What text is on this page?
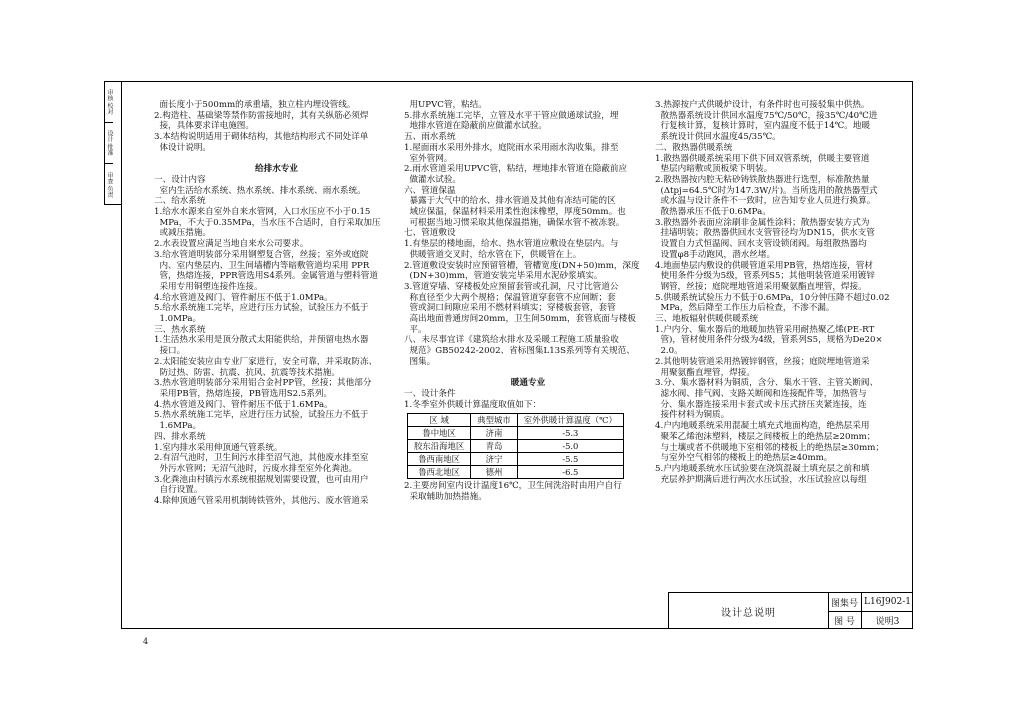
审核 校对
设计 批准
审查 负责

面长度小于500mm的承重墙，独立柱内埋设管线。

2.构造柱、基础梁等禁作防雷接地时，其有关纵筋必须焊

接，具体要求详电施图。

3.本结构说明适用于砌体结构，其他结构形式不同处详单

体设计说明。

给排水专业

一、设计内容

室内生活给水系统、热水系统、排水系统、雨水系统。

二、给水系统

1.给水水源来自室外自来水管网，入口水压应不小于0.15

MPa，不大于0.35MPa，当水压不合适时，自行采取加压

或减压措施。

2.水表设置应满足当地自来水公司要求。

3.给水管道明装部分采用钢塑复合管，丝接；室外或庭院

内、室内垫层内、卫生间墙槽内等暗敷管道均采用 PPR

管，热熔连接，PPR管选用S4系列。金属管道与塑料管道

采用专用铜塑连接件连接。

4.给水管道及阀门、管件耐压不低于1.0MPa。

5.给水系统施工完毕，应进行压力试验，试验压力不低于

1.0MPa。

三、热水系统

1.生活热水采用是顶分散式太阳能供给，并预留电热水器

接口。

2.太阳能安装应由专业厂家进行，安全可靠，并采取防冻、

防过热、防雷、抗震、抗风、抗震等技术措施。

3.热水管道明装部分采用铝合金衬PP管，丝接；其他部分

采用PB管，热熔连接，PB管选用S2.5系列。

4.热水管道及阀门、管件耐压不低于1.6MPa。

5.热水系统施工完毕，应进行压力试验，试验压力不低于

1.6MPa。

四、排水系统

1.室内排水采用伸顶通气管系统。

2.有沼气池时，卫生间污水排至沼气池，其他废水排至室

外污水管网；无沼气池时，污废水排至室外化粪池。

3.化粪池由村镇污水系统根据规划需要设置，也可由用户

自行设置。

4.除伸顶通气管采用机制铸铁管外，其他污、废水管道采

用UPVC管，粘结。

5.排水系统施工完毕，立管及水平干管应做通球试验，埋

地排水管道在隐蔽前应做灌水试验。

五、雨水系统

1.屋面雨水采用外排水，庭院雨水采用雨水沟收集，排至

室外管网。

2.雨水管道采用UPVC管，粘结，埋地排水管道在隐蔽前应

做灌水试验。

六、管道保温

暴露于大气中的给水、排水管道及其他有冻结可能的区

域应保温，保温材料采用柔性泡沫橡塑，厚度50mm。也

可根据当地习惯采取其他保温措施，确保水管不被冻裂。

七、管道敷设

1.有垫层的楼地面，给水、热水管道应敷设在垫层内。与

供暖管道交叉时，给水管在下，供暖管在上。

2.管道敷设安装时应预留管槽，管槽宽度(DN+50)mm，深度

(DN+30)mm，管道安装完毕采用水泥砂浆填实。

3.管道穿墙、穿楼板处应预留套管或孔洞，尺寸比管道公

称直径至少大两个规格；保温管道穿套管不应间断；套

管或洞口间隙应采用不燃材料填实；穿楼板套管，套管

高出地面普通房间20mm，卫生间50mm，套管底面与楼板

平。

八、未尽事宜详《建筑给水排水及采暖工程施工质量验收

规范》GB50242-2002、省标图集L13S系列等有关规范、

图集。

暖通专业

一、设计条件

1.冬季室外供暖计算温度取值如下：

区 域	典型城市	室外供暖计算温度（℃）
鲁中地区	济南	-5.3
胶东沿海地区	青岛	-5.0
鲁西南地区	济宁	-5.5
鲁西北地区	德州	-6.5

2.主要房间室内设计温度16℃，卫生间洗浴时由用户自行

采取辅助加热措施。

3.热源按户式供暖炉设计，有条件时也可接驳集中供热。

散热器系统设计供回水温度75℃/50℃，接35℃/40℃进

行复核计算，复核计算时，室内温度不低于14℃。地暖

系统设计供回水温度45/35℃。

二、散热器供暖系统

1.散热器供暖系统采用下供下回双管系统，供暖主要管道

垫层内暗敷或顶板梁下明装。

2.散热器按内腔无粘砂铸铁散热器进行选型，标准散热量

(Δtpj=64.5℃时为147.3W/片)。当所选用的散热器型式

或水温与设计条件不一致时，应告知专业人员进行换算。

散热器承压不低于0.6MPa。

3.散热器外表面应涂刷非金属性涂料；散热器安装方式为

挂墙明装；散热器供回水支管管径均为DN15，供水支管

设置自力式恒温阀、回水支管设锁闭阀。每组散热器均

设置φ8手动跑风，潜水丝堵。

4.地面垫层内敷设的供暖管道采用PB管，热熔连接，管材

使用条件分级为5级，管系列S5；其他明装管道采用镀锌

钢管，丝接；庭院埋地管道采用聚氨酯直埋管，焊接。

5.供暖系统试验压力不低于0.6MPa，10分钟压降不超过0.02

MPa，然后降至工作压力后检查，不渗不漏。

三、地板辐射供暖供暖系统

1.户内分、集水器后的地暖加热管采用耐热聚乙烯(PE-RT

管)，管材使用条件分级为4级，管系列S5，规格为De20×

2.0。

2.其他明装管道采用热镀锌钢管，丝接；庭院埋地管道采

用聚氨酯直埋管，焊接。

3.分、集水器材料为铜质，含分、集水干管、主管关断阀、

滤水阀、排气阀、支路关断阀和连接配件等，加热管与

分、集水器连接采用卡套式或卡压式挤压夹紧连接，连

接件材料为铜质。

4.户内地暖系统采用混凝土填充式地面构造，绝热层采用

聚苯乙烯泡沫塑料，楼层之间楼板上的绝热层≥20mm；

与土壤或者不供暖地下室相邻的楼板上的绝热层≥30mm；

与室外空气相邻的楼板上的绝热层≥40mm。

5.户内地暖系统水压试验要在浇筑混凝土填充层之前和填

充层养护期满后进行两次水压试验，水压试验应以每组

设计总说明
图集号 L16J902-1
图 号	说明3
4
